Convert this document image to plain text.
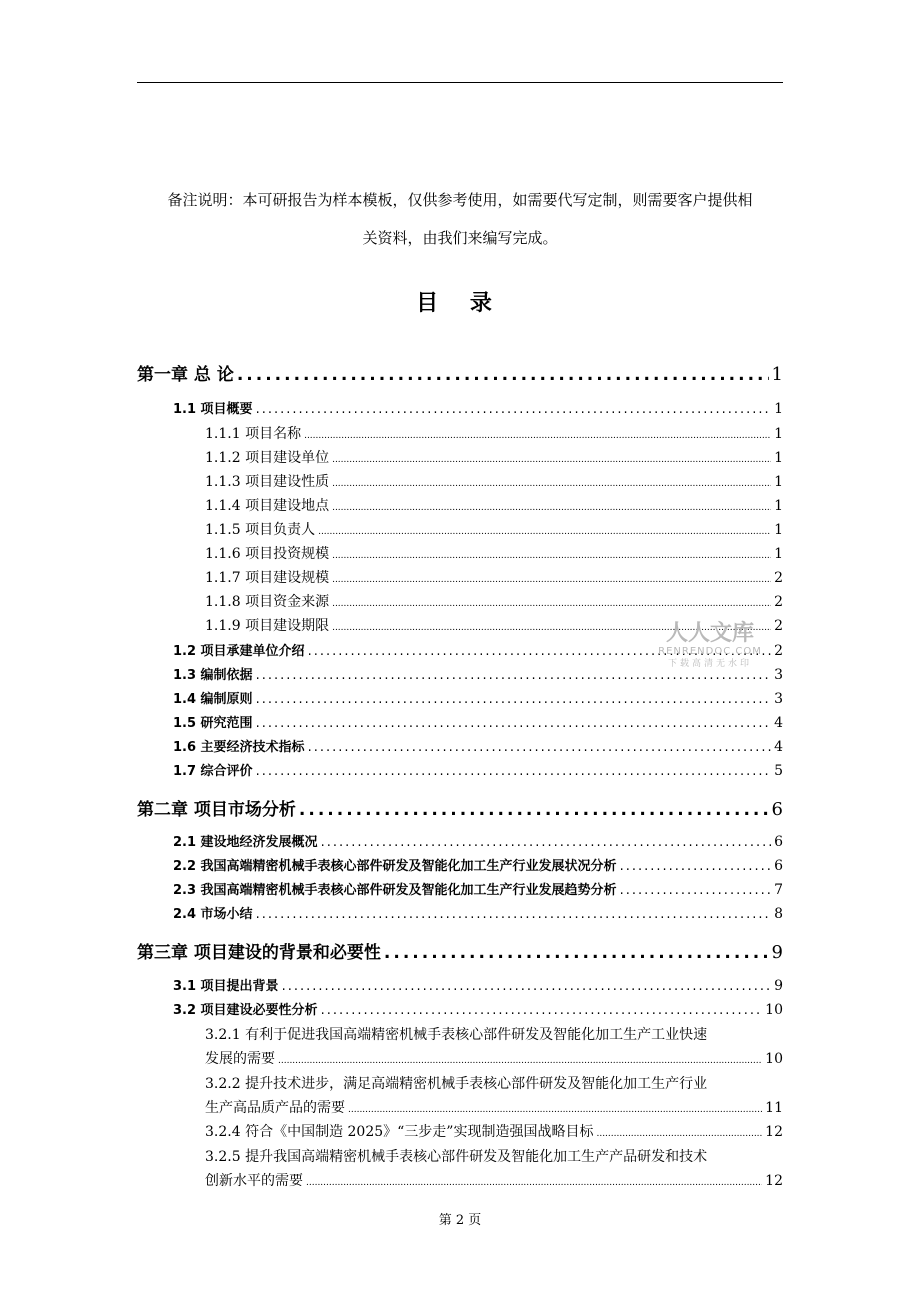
备注说明：本可研报告为样本模板，仅供参考使用，如需要代写定制，则需要客户提供相
关资料，由我们来编写完成。
目 录
第一章 总 论 .....	1
1.1 项目概要 .....	1
1.1.1 项目名称 .....	1
1.1.2 项目建设单位 .....	1
1.1.3 项目建设性质 .....	1
1.1.4 项目建设地点 .....	1
1.1.5 项目负责人 .....	1
1.1.6 项目投资规模 .....	1
1.1.7 项目建设规模 .....	2
1.1.8 项目资金来源 .....	2
1.1.9 项目建设期限 .....	2
1.2 项目承建单位介绍 .....	2
1.3 编制依据 .....	3
1.4 编制原则 .....	3
1.5 研究范围 .....	4
1.6 主要经济技术指标 .....	4
1.7 综合评价 .....	5
第二章 项目市场分析 .....	6
2.1 建设地经济发展概况 .....	6
2.2 我国高端精密机械手表核心部件研发及智能化加工生产行业发展状况分析 .....	6
2.3 我国高端精密机械手表核心部件研发及智能化加工生产行业发展趋势分析 .....	7
2.4 市场小结 .....	8
第三章 项目建设的背景和必要性 .....	9
3.1 项目提出背景 .....	9
3.2 项目建设必要性分析 .....	10
3.2.1 有利于促进我国高端精密机械手表核心部件研发及智能化加工生产工业快速
发展的需要 .....	10
3.2.2 提升技术进步，满足高端精密机械手表核心部件研发及智能化加工生产行业
生产高品质产品的需要 .....	11
3.2.4 符合《中国制造 2025》“三步走”实现制造强国战略目标 .....	12
3.2.5 提升我国高端精密机械手表核心部件研发及智能化加工生产产品研发和技术
创新水平的需要 .....	12
人人文库
RENRENDOC.COM
下载高清无水印
第 2 页
